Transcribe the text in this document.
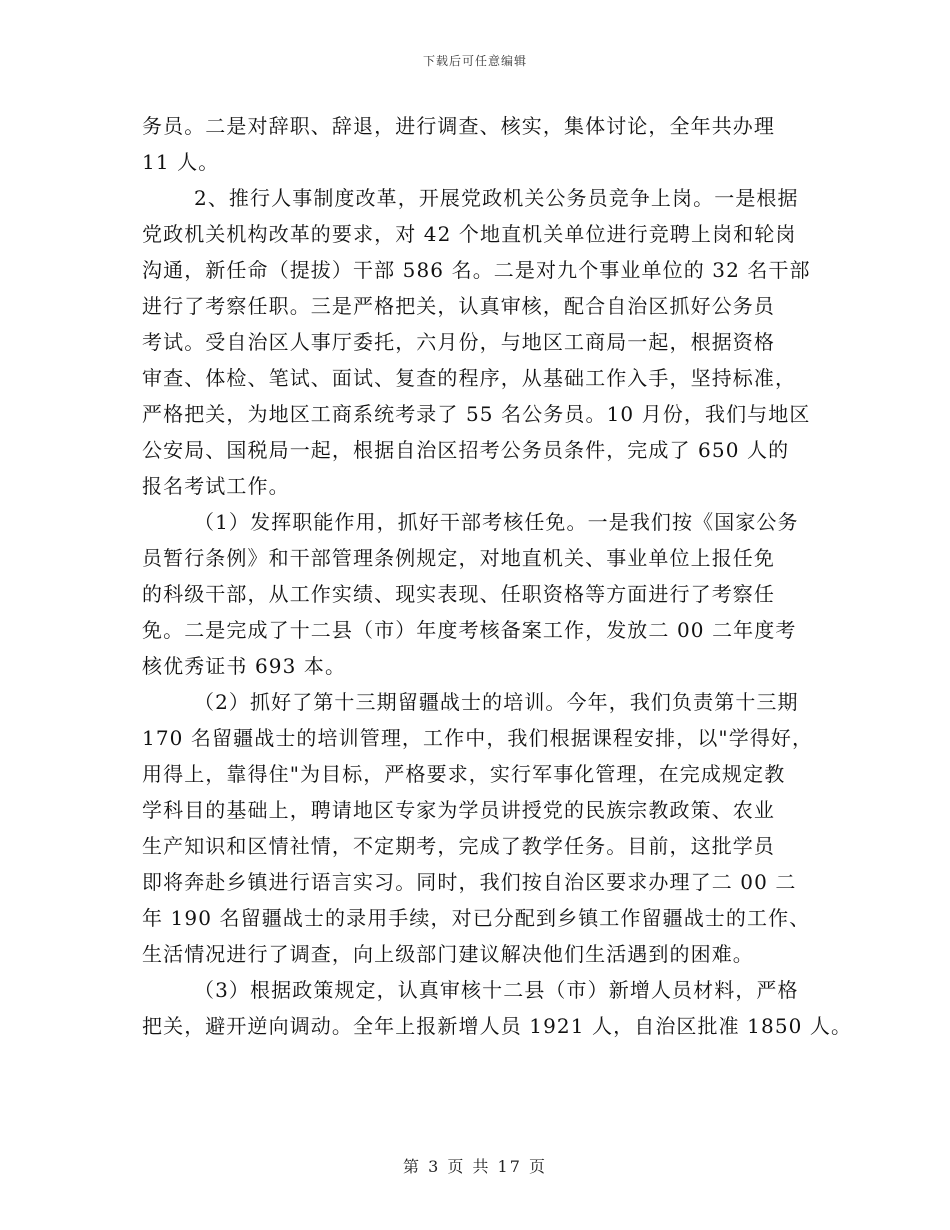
下载后可任意编辑
务员。二是对辞职、辞退，进行调查、核实，集体讨论，全年共办理
11 人。
2、推行人事制度改革，开展党政机关公务员竞争上岗。一是根据
党政机关机构改革的要求，对 42 个地直机关单位进行竞聘上岗和轮岗
沟通，新任命（提拔）干部 586 名。二是对九个事业单位的 32 名干部
进行了考察任职。三是严格把关，认真审核，配合自治区抓好公务员
考试。受自治区人事厅委托，六月份，与地区工商局一起，根据资格
审查、体检、笔试、面试、复查的程序，从基础工作入手，坚持标准，
严格把关，为地区工商系统考录了 55 名公务员。10 月份，我们与地区
公安局、国税局一起，根据自治区招考公务员条件，完成了 650 人的
报名考试工作。
（1）发挥职能作用，抓好干部考核任免。一是我们按《国家公务
员暂行条例》和干部管理条例规定，对地直机关、事业单位上报任免
的科级干部，从工作实绩、现实表现、任职资格等方面进行了考察任
免。二是完成了十二县（市）年度考核备案工作，发放二 00 二年度考
核优秀证书 693 本。
（2）抓好了第十三期留疆战士的培训。今年，我们负责第十三期
170 名留疆战士的培训管理，工作中，我们根据课程安排，以"学得好，
用得上，靠得住"为目标，严格要求，实行军事化管理，在完成规定教
学科目的基础上，聘请地区专家为学员讲授党的民族宗教政策、农业
生产知识和区情社情，不定期考，完成了教学任务。目前，这批学员
即将奔赴乡镇进行语言实习。同时，我们按自治区要求办理了二 00 二
年 190 名留疆战士的录用手续，对已分配到乡镇工作留疆战士的工作、
生活情况进行了调查，向上级部门建议解决他们生活遇到的困难。
（3）根据政策规定，认真审核十二县（市）新增人员材料，严格
把关，避开逆向调动。全年上报新增人员 1921 人，自治区批准 1850 人。
第 3 页 共 17 页
